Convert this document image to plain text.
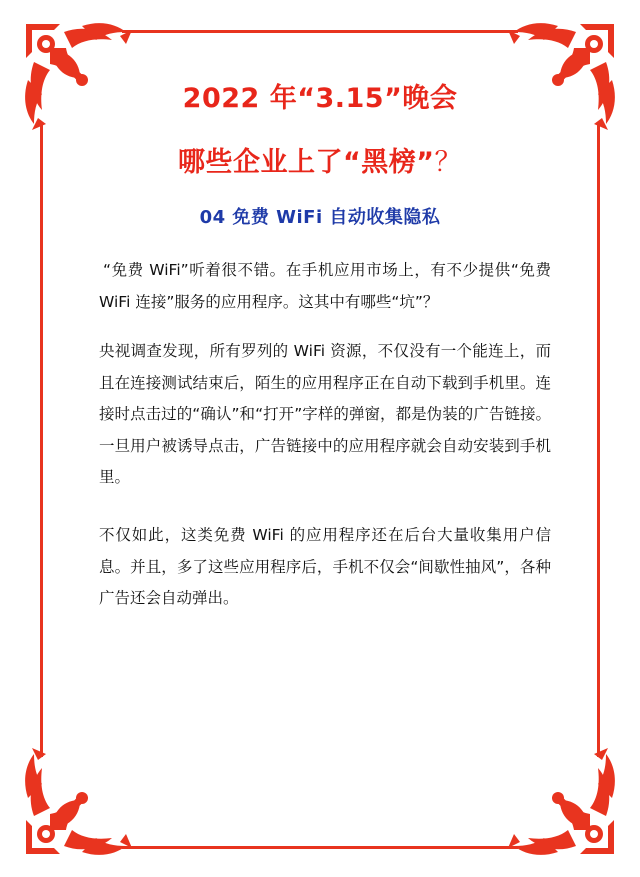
2022 年“3.15”晚会
哪些企业上了“黑榜”？
04 免费 WiFi 自动收集隐私

“免费 WiFi”听着很不错。在手机应用市场上，有不少提供“免费 WiFi 连接”服务的应用程序。这其中有哪些“坑”？

央视调查发现，所有罗列的 WiFi 资源，不仅没有一个能连上，而且在连接测试结束后，陌生的应用程序正在自动下载到手机里。连接时点击过的“确认”和“打开”字样的弹窗，都是伪装的广告链接。一旦用户被诱导点击，广告链接中的应用程序就会自动安装到手机里。

不仅如此，这类免费 WiFi 的应用程序还在后台大量收集用户信息。并且，多了这些应用程序后，手机不仅会“间歇性抽风”，各种广告还会自动弹出。
